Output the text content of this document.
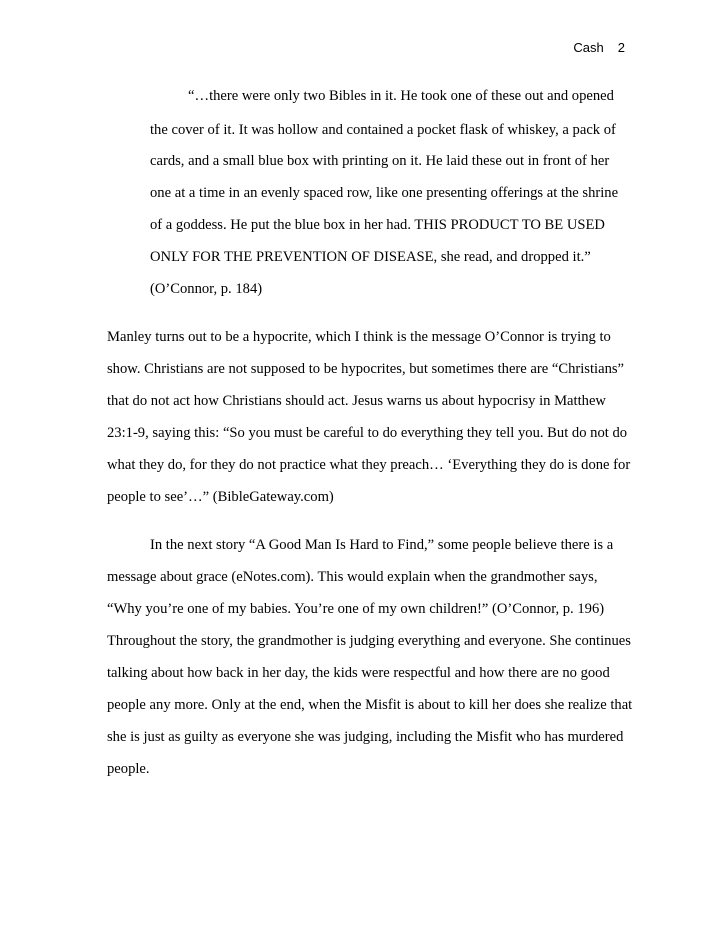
Cash 2
“…there were only two Bibles in it. He took one of these out and opened
the cover of it. It was hollow and contained a pocket flask of whiskey, a pack of
cards, and a small blue box with printing on it. He laid these out in front of her
one at a time in an evenly spaced row, like one presenting offerings at the shrine
of a goddess. He put the blue box in her had. THIS PRODUCT TO BE USED
ONLY FOR THE PREVENTION OF DISEASE, she read, and dropped it.”
(O’Connor, p. 184)
Manley turns out to be a hypocrite, which I think is the message O’Connor is trying to
show. Christians are not supposed to be hypocrites, but sometimes there are “Christians”
that do not act how Christians should act. Jesus warns us about hypocrisy in Matthew
23:1-9, saying this: “So you must be careful to do everything they tell you. But do not do
what they do, for they do not practice what they preach… ‘Everything they do is done for
people to see’…” (BibleGateway.com)
In the next story “A Good Man Is Hard to Find,” some people believe there is a
message about grace (eNotes.com). This would explain when the grandmother says,
“Why you’re one of my babies. You’re one of my own children!” (O’Connor, p. 196)
Throughout the story, the grandmother is judging everything and everyone. She continues
talking about how back in her day, the kids were respectful and how there are no good
people any more. Only at the end, when the Misfit is about to kill her does she realize that
she is just as guilty as everyone she was judging, including the Misfit who has murdered
people.
